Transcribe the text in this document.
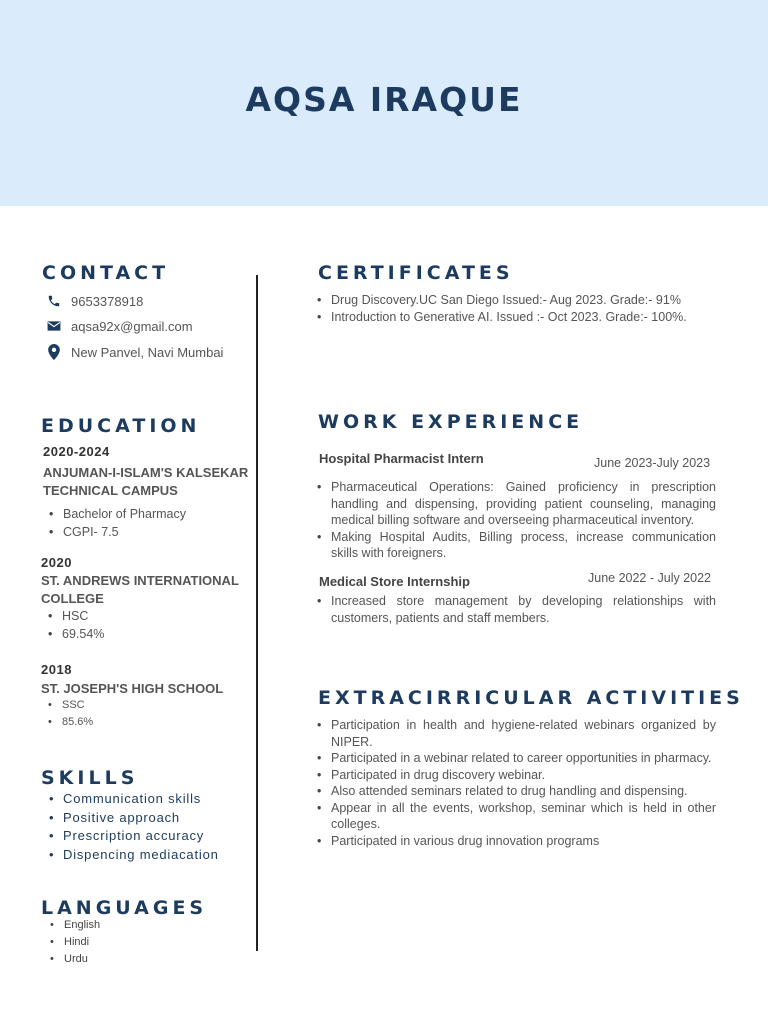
AQSA IRAQUE
CONTACT
9653378918
aqsa92x@gmail.com
New Panvel, Navi Mumbai
EDUCATION
2020-2024
ANJUMAN-I-ISLAM'S KALSEKAR
TECHNICAL CAMPUS
• Bachelor of Pharmacy
• CGPI- 7.5
2020
ST. ANDREWS INTERNATIONAL
COLLEGE
• HSC
• 69.54%
2018
ST. JOSEPH'S HIGH SCHOOL
• SSC
• 85.6%
SKILLS
• Communication skills
• Positive approach
• Prescription accuracy
• Dispencing mediacation
LANGUAGES
• English
• Hindi
• Urdu
CERTIFICATES
• Drug Discovery.UC San Diego Issued:- Aug 2023. Grade:- 91%
• Introduction to Generative AI. Issued :- Oct 2023. Grade:- 100%.
WORK EXPERIENCE
Hospital Pharmacist Intern	June 2023-July 2023
• Pharmaceutical Operations: Gained proficiency in prescription handling and dispensing, providing patient counseling, managing medical billing software and overseeing pharmaceutical inventory.
• Making Hospital Audits, Billing process, increase communication skills with foreigners.
Medical Store Internship	June 2022 - July 2022
• Increased store management by developing relationships with customers, patients and staff members.
EXTRACIRRICULAR ACTIVITIES
• Participation in health and hygiene-related webinars organized by NIPER.
• Participated in a webinar related to career opportunities in pharmacy.
• Participated in drug discovery webinar.
• Also attended seminars related to drug handling and dispensing.
• Appear in all the events, workshop, seminar which is held in other colleges.
• Participated in various drug innovation programs
